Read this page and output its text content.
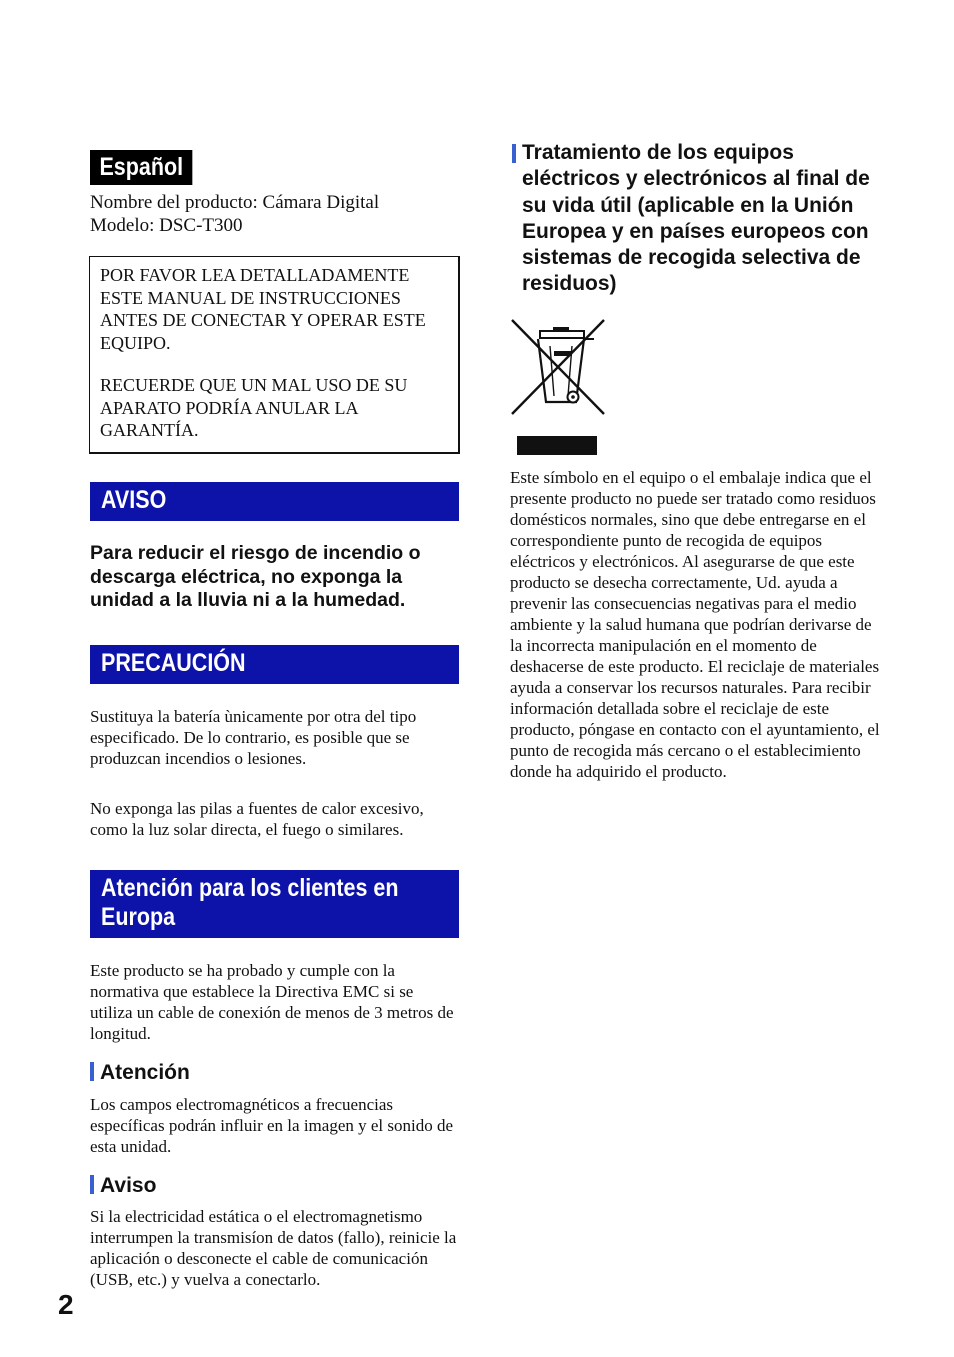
Español
Nombre del producto: Cámara Digital
Modelo: DSC-T300

POR FAVOR LEA DETALLADAMENTE ESTE MANUAL DE INSTRUCCIONES ANTES DE CONECTAR Y OPERAR ESTE EQUIPO.

RECUERDE QUE UN MAL USO DE SU APARATO PODRÍA ANULAR LA GARANTÍA.

AVISO
Para reducir el riesgo de incendio o descarga eléctrica, no exponga la unidad a la lluvia ni a la humedad.
PRECAUCIÓN
Sustituya la batería ùnicamente por otra del tipo especificado. De lo contrario, es posible que se produzcan incendios o lesiones.
No exponga las pilas a fuentes de calor excesivo, como la luz solar directa, el fuego o similares.
Atención para los clientes en Europa
Este producto se ha probado y cumple con la normativa que establece la Directiva EMC si se utiliza un cable de conexión de menos de 3 metros de longitud.
Atención
Los campos electromagnéticos a frecuencias específicas podrán influir en la imagen y el sonido de esta unidad.
Aviso
Si la electricidad estática o el electromagnetismo interrumpen la transmisíon de datos (fallo), reinicie la aplicación o desconecte el cable de comunicación (USB, etc.) y vuelva a conectarlo.
Tratamiento de los equipos eléctricos y electrónicos al final de su vida útil (aplicable en la Unión Europea y en países europeos con sistemas de recogida selectiva de residuos)
Este símbolo en el equipo o el embalaje indica que el presente producto no puede ser tratado como residuos domésticos normales, sino que debe entregarse en el correspondiente punto de recogida de equipos eléctricos y electrónicos. Al asegurarse de que este producto se desecha correctamente, Ud. ayuda a prevenir las consecuencias negativas para el medio ambiente y la salud humana que podrían derivarse de la incorrecta manipulación en el momento de deshacerse de este producto. El reciclaje de materiales ayuda a conservar los recursos naturales. Para recibir información detallada sobre el reciclaje de este producto, póngase en contacto con el ayuntamiento, el punto de recogida más cercano o el establecimiento donde ha adquirido el producto.
2
